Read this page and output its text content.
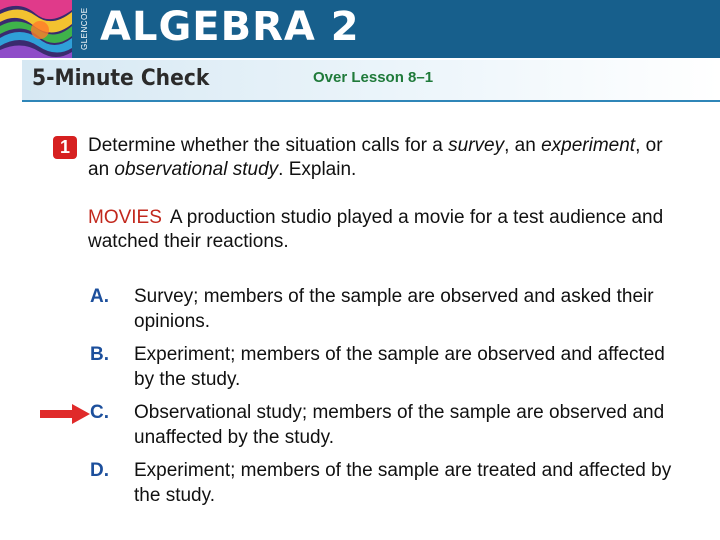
GLENCOE ALGEBRA 2
5-Minute Check	Over Lesson 8–1
1 Determine whether the situation calls for a survey, an experiment, or an observational study. Explain.
MOVIES A production studio played a movie for a test audience and watched their reactions.
A. Survey; members of the sample are observed and asked their opinions.
B. Experiment; members of the sample are observed and affected by the study.
C. Observational study; members of the sample are observed and unaffected by the study.
D. Experiment; members of the sample are treated and affected by the study.
